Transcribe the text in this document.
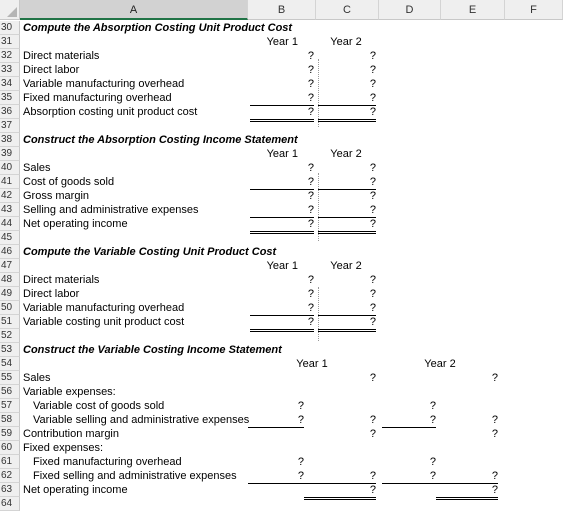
A	B	C	D	E	F
30 Compute the Absorption Costing Unit Product Cost
31	Year 1	Year 2
32 Direct materials	?	?
33 Direct labor	?	?
34 Variable manufacturing overhead	?	?
35 Fixed manufacturing overhead	?	?
36 Absorption costing unit product cost	?	?
37
38 Construct the Absorption Costing Income Statement
39	Year 1	Year 2
40 Sales	?	?
41 Cost of goods sold	?	?
42 Gross margin	?	?
43 Selling and administrative expenses	?	?
44 Net operating income	?	?
45
46 Compute the Variable Costing Unit Product Cost
47	Year 1	Year 2
48 Direct materials	?	?
49 Direct labor	?	?
50 Variable manufacturing overhead	?	?
51 Variable costing unit product cost	?	?
52
53 Construct the Variable Costing Income Statement
54	Year 1	Year 2
55 Sales	?	?
56 Variable expenses:
57	Variable cost of goods sold	?	?
58	Variable selling and administrative expenses	?	?	?	?
59 Contribution margin	?	?
60 Fixed expenses:
61	Fixed manufacturing overhead	?	?
62	Fixed selling and administrative expenses	?	?	?	?
63 Net operating income	?	?
64
